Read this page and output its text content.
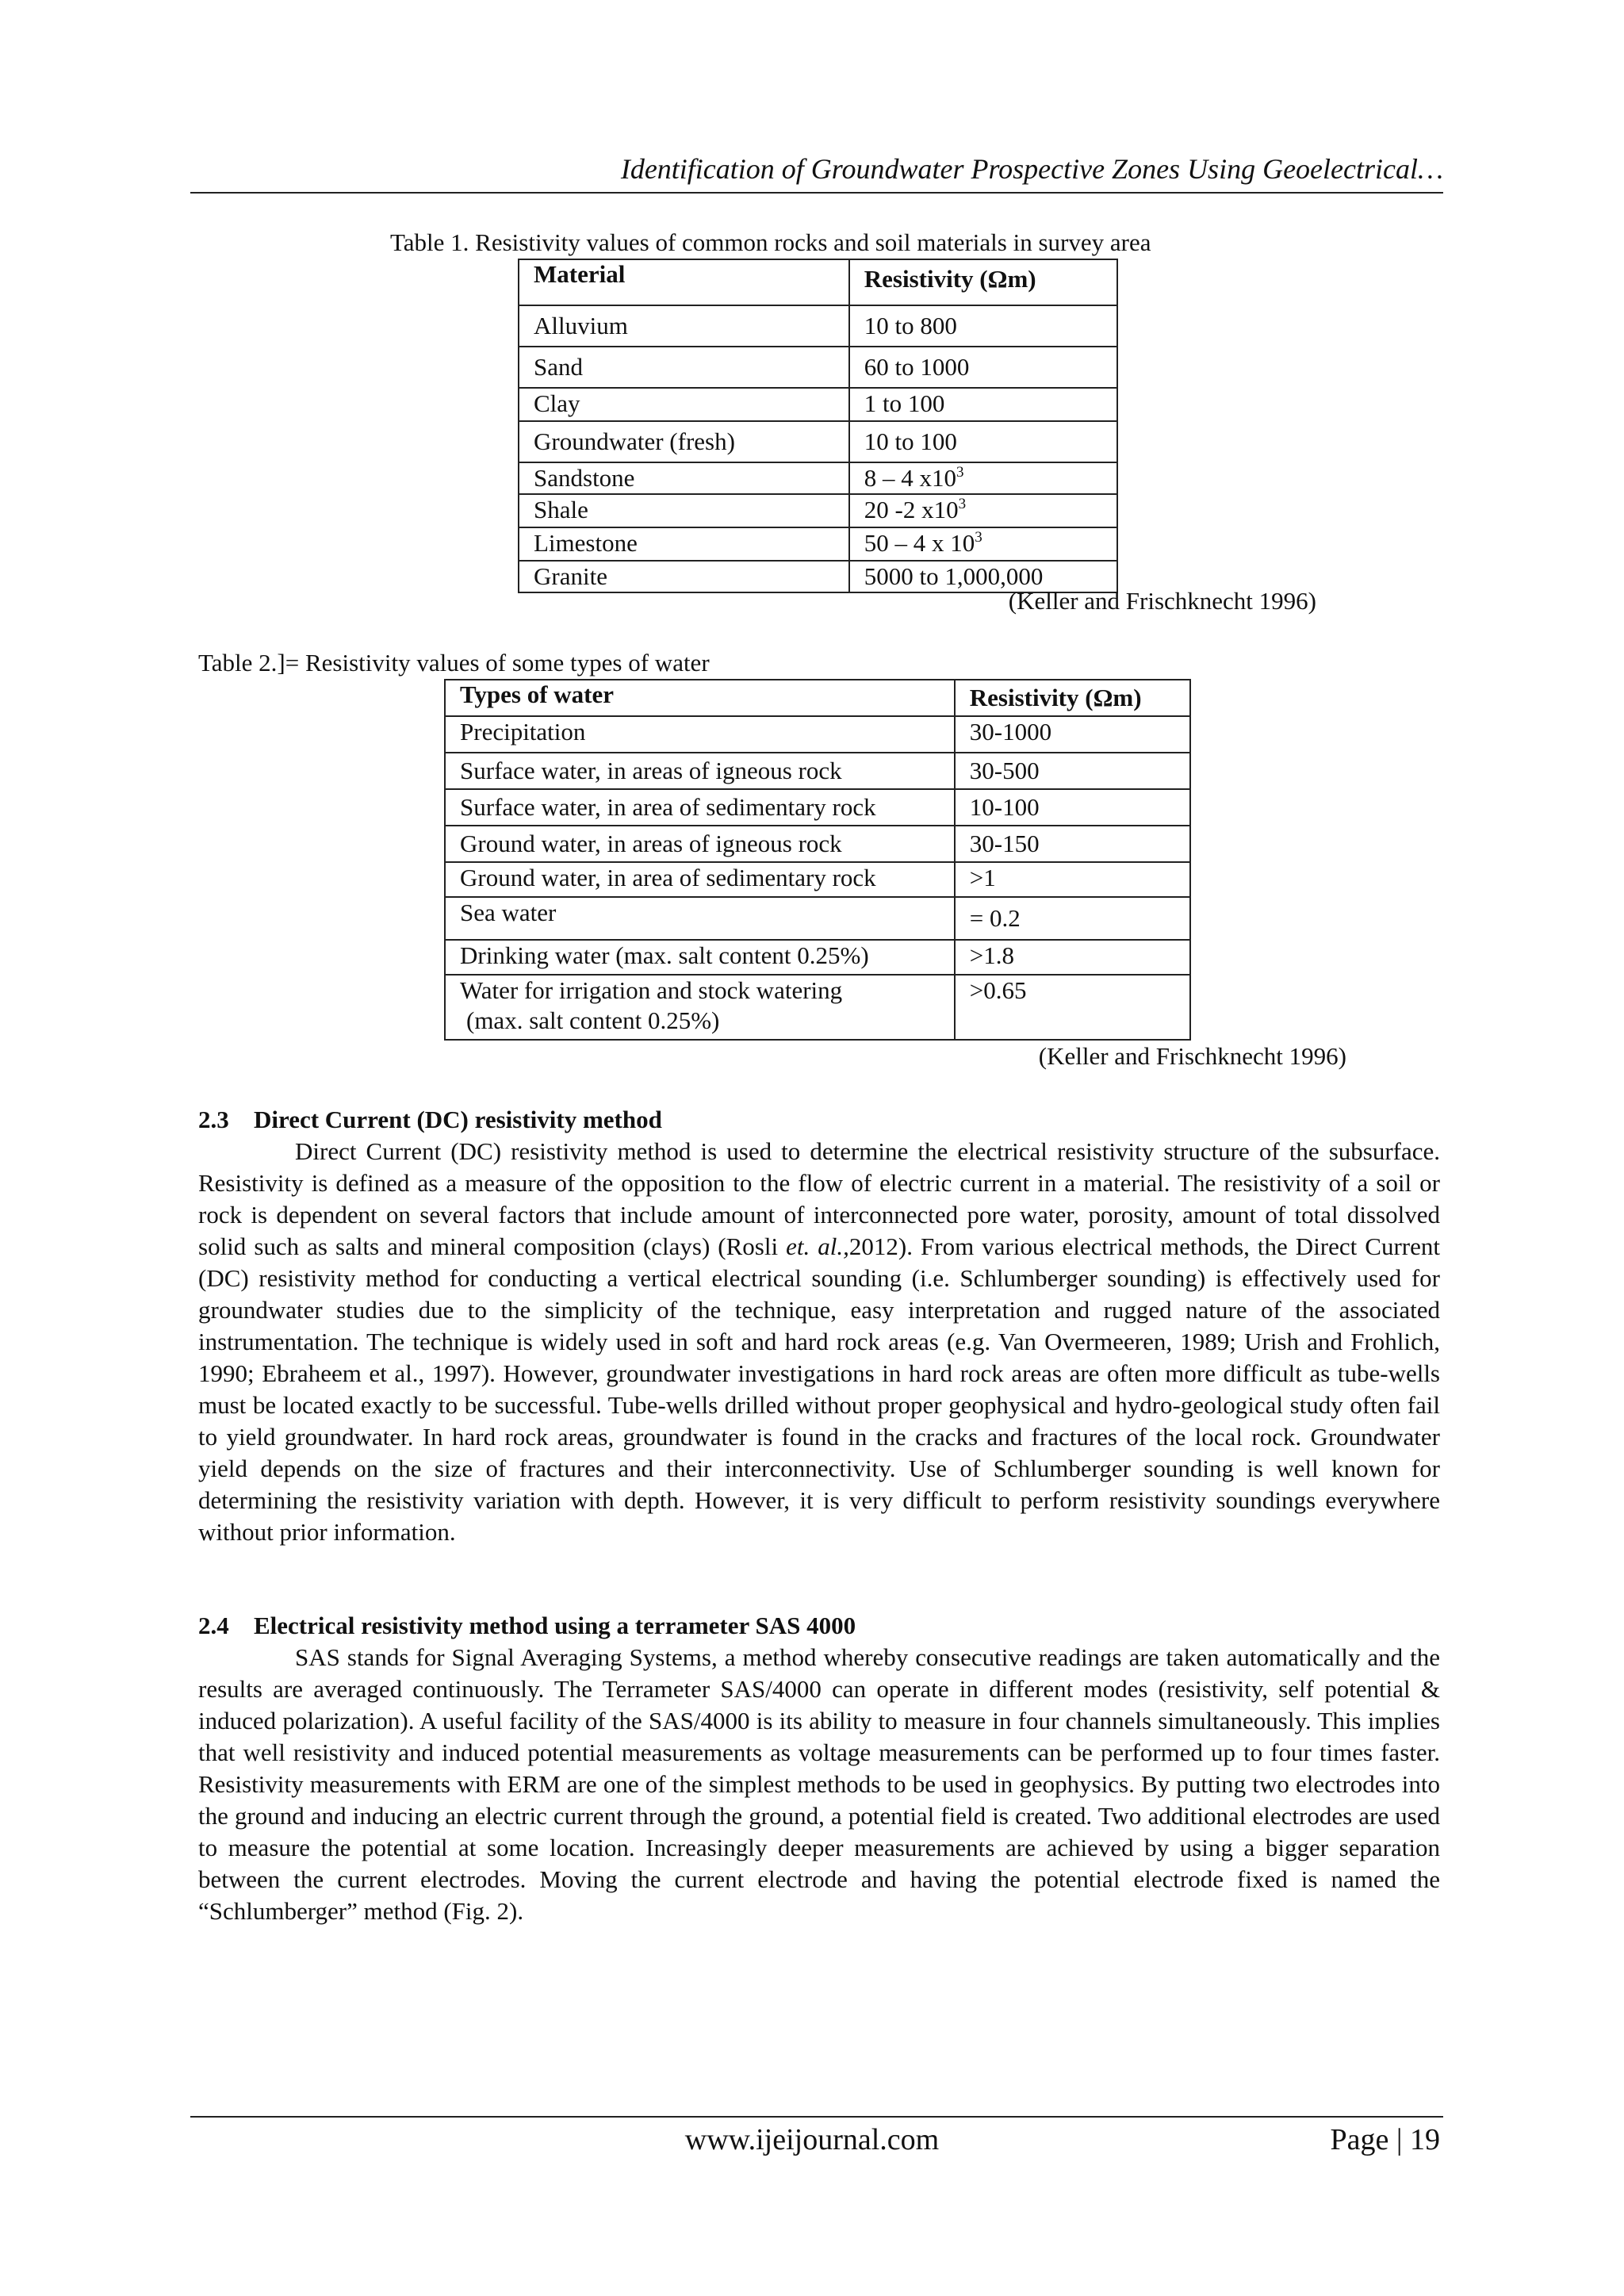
Identification of Groundwater Prospective Zones Using Geoelectrical…
Table 1. Resistivity values of common rocks and soil materials in survey area
Material	Resistivity (Ωm)
Alluvium	10 to 800
Sand	60 to 1000
Clay	1 to 100
Groundwater (fresh)	10 to 100
Sandstone	8 – 4 $x10^3$
Shale	20 -2 $x10^3$
Limestone	50 – 4 x $10^3$
Granite	5000 to 1,000,000
(Keller and Frischknecht 1996)
Table 2.]= Resistivity values of some types of water
Types of water	Resistivity (Ωm)
Precipitation	30-1000
Surface water, in areas of igneous rock	30-500
Surface water, in area of sedimentary rock	10-100
Ground water, in areas of igneous rock	30-150
Ground water, in area of sedimentary rock	>1
Sea water	= 0.2
Drinking water (max. salt content 0.25%)	>1.8
Water for irrigation and stock watering
(max. salt content 0.25%)	>0.65
(Keller and Frischknecht 1996)
2.3 Direct Current (DC) resistivity method

Direct Current (DC) resistivity method is used to determine the electrical resistivity structure of the subsurface. Resistivity is defined as a measure of the opposition to the flow of electric current in a material. The resistivity of a soil or rock is dependent on several factors that include amount of interconnected pore water, porosity, amount of total dissolved solid such as salts and mineral composition (clays) (Rosli et. al.,2012). From various electrical methods, the Direct Current (DC) resistivity method for conducting a vertical electrical sounding (i.e. Schlumberger sounding) is effectively used for groundwater studies due to the simplicity of the technique, easy interpretation and rugged nature of the associated instrumentation. The technique is widely used in soft and hard rock areas (e.g. Van Overmeeren, 1989; Urish and Frohlich, 1990; Ebraheem et al., 1997). However, groundwater investigations in hard rock areas are often more difficult as tube-wells must be located exactly to be successful. Tube-wells drilled without proper geophysical and hydro-geological study often fail to yield groundwater. In hard rock areas, groundwater is found in the cracks and fractures of the local rock. Groundwater yield depends on the size of fractures and their interconnectivity. Use of Schlumberger sounding is well known for determining the resistivity variation with depth. However, it is very difficult to perform resistivity soundings everywhere without prior information.

2.4 Electrical resistivity method using a terrameter SAS 4000

SAS stands for Signal Averaging Systems, a method whereby consecutive readings are taken automatically and the results are averaged continuously. The Terrameter SAS/4000 can operate in different modes (resistivity, self potential & induced polarization). A useful facility of the SAS/4000 is its ability to measure in four channels simultaneously. This implies that well resistivity and induced potential measurements as voltage measurements can be performed up to four times faster. Resistivity measurements with ERM are one of the simplest methods to be used in geophysics. By putting two electrodes into the ground and inducing an electric current through the ground, a potential field is created. Two additional electrodes are used to measure the potential at some location. Increasingly deeper measurements are achieved by using a bigger separation between the current electrodes. Moving the current electrode and having the potential electrode fixed is named the “Schlumberger” method (Fig. 2).

www.ijeijournal.com	Page | 19
